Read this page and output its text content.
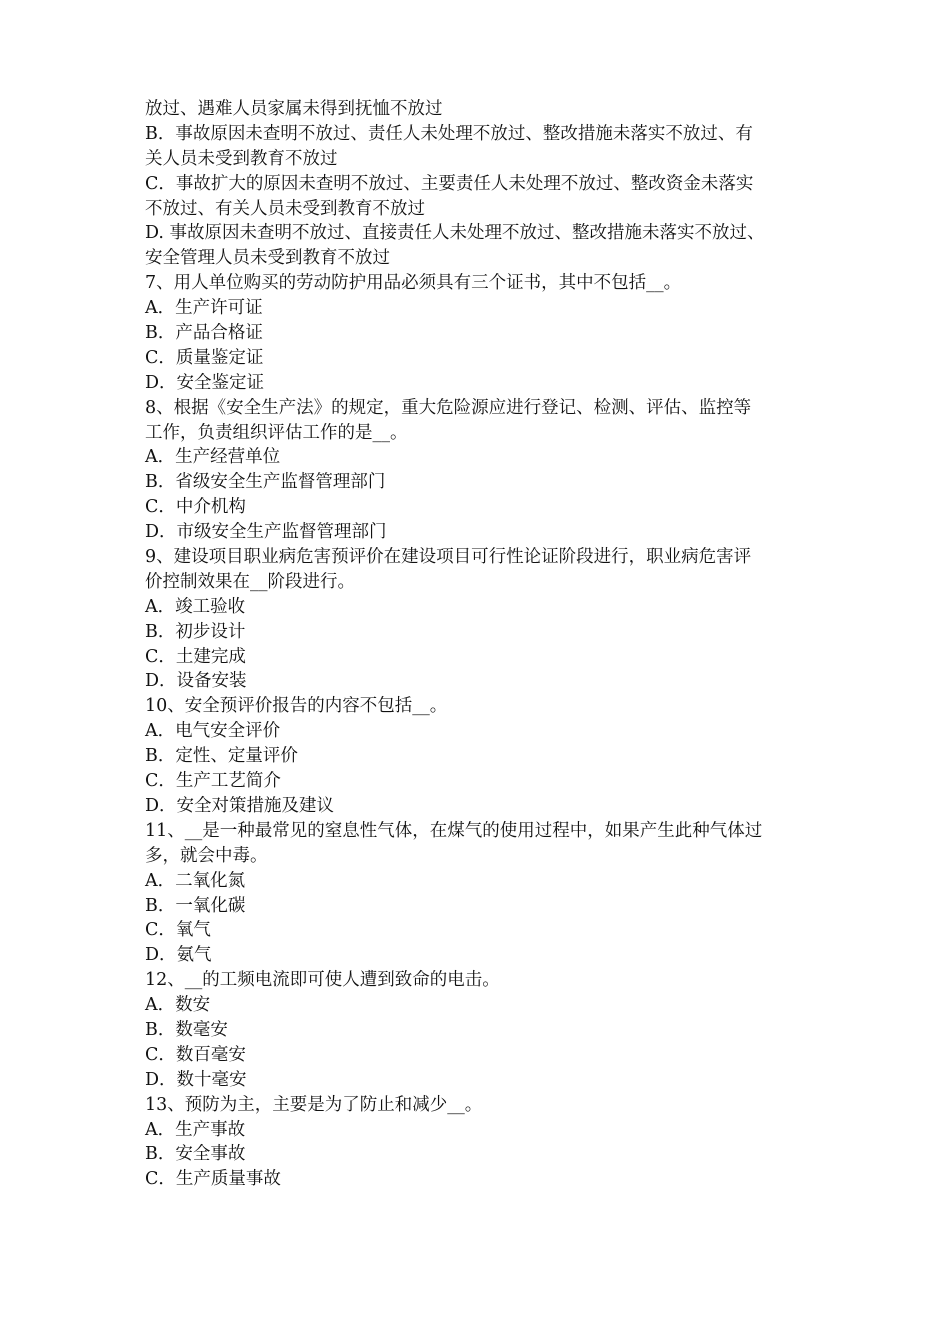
放过、遇难人员家属未得到抚恤不放过
B．事故原因未查明不放过、责任人未处理不放过、整改措施未落实不放过、有
关人员未受到教育不放过
C．事故扩大的原因未查明不放过、主要责任人未处理不放过、整改资金未落实
不放过、有关人员未受到教育不放过
D. 事故原因未查明不放过、直接责任人未处理不放过、整改措施未落实不放过、
安全管理人员未受到教育不放过
7、用人单位购买的劳动防护用品必须具有三个证书，其中不包括__。
A．生产许可证
B．产品合格证
C．质量鉴定证
D．安全鉴定证
8、根据《安全生产法》的规定，重大危险源应进行登记、检测、评估、监控等
工作，负责组织评估工作的是__。
A．生产经营单位
B．省级安全生产监督管理部门
C．中介机构
D．市级安全生产监督管理部门
9、建设项目职业病危害预评价在建设项目可行性论证阶段进行，职业病危害评
价控制效果在__阶段进行。
A．竣工验收
B．初步设计
C．土建完成
D．设备安装
10、安全预评价报告的内容不包括__。
A．电气安全评价
B．定性、定量评价
C．生产工艺简介
D．安全对策措施及建议
11、__是一种最常见的窒息性气体，在煤气的使用过程中，如果产生此种气体过
多，就会中毒。
A．二氧化氮
B．一氧化碳
C．氧气
D．氨气
12、__的工频电流即可使人遭到致命的电击。
A．数安
B．数毫安
C．数百毫安
D．数十毫安
13、预防为主，主要是为了防止和减少__。
A．生产事故
B．安全事故
C．生产质量事故
